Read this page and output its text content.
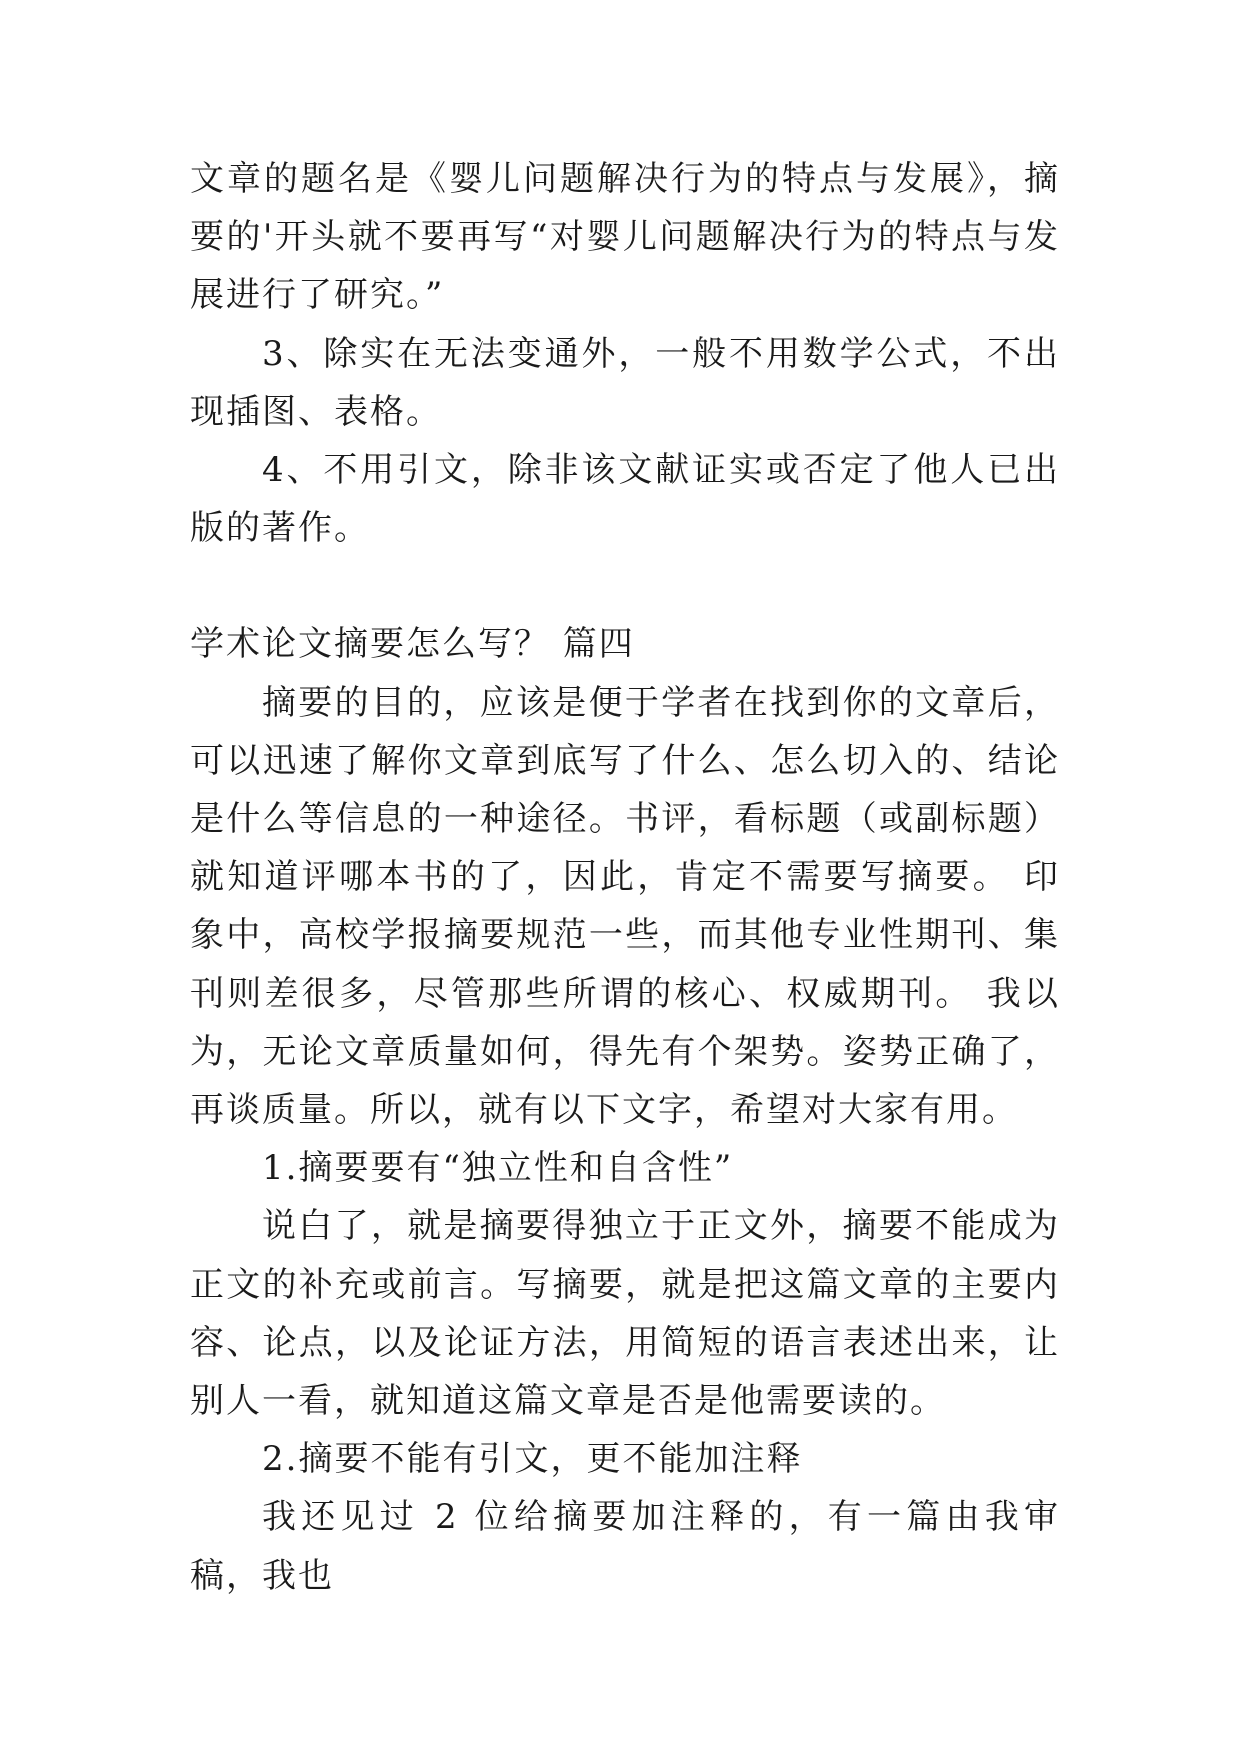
文章的题名是《婴儿问题解决行为的特点与发展》，摘要的'开头就不要再写“对婴儿问题解决行为的特点与发展进行了研究。”

3、除实在无法变通外，一般不用数学公式，不出现插图、表格。

4、不用引文，除非该文献证实或否定了他人已出版的著作。

学术论文摘要怎么写？ 篇四

摘要的目的，应该是便于学者在找到你的文章后，可以迅速了解你文章到底写了什么、怎么切入的、结论是什么等信息的一种途径。书评，看标题（或副标题）就知道评哪本书的了，因此，肯定不需要写摘要。 印象中，高校学报摘要规范一些，而其他专业性期刊、集刊则差很多，尽管那些所谓的核心、权威期刊。 我以为，无论文章质量如何，得先有个架势。姿势正确了，再谈质量。所以，就有以下文字，希望对大家有用。

1.摘要要有“独立性和自含性”

说白了，就是摘要得独立于正文外，摘要不能成为正文的补充或前言。写摘要，就是把这篇文章的主要内容、论点，以及论证方法，用简短的语言表述出来，让别人一看，就知道这篇文章是否是他需要读的。

2.摘要不能有引文，更不能加注释

我还见过 2 位给摘要加注释的，有一篇由我审稿，我也
